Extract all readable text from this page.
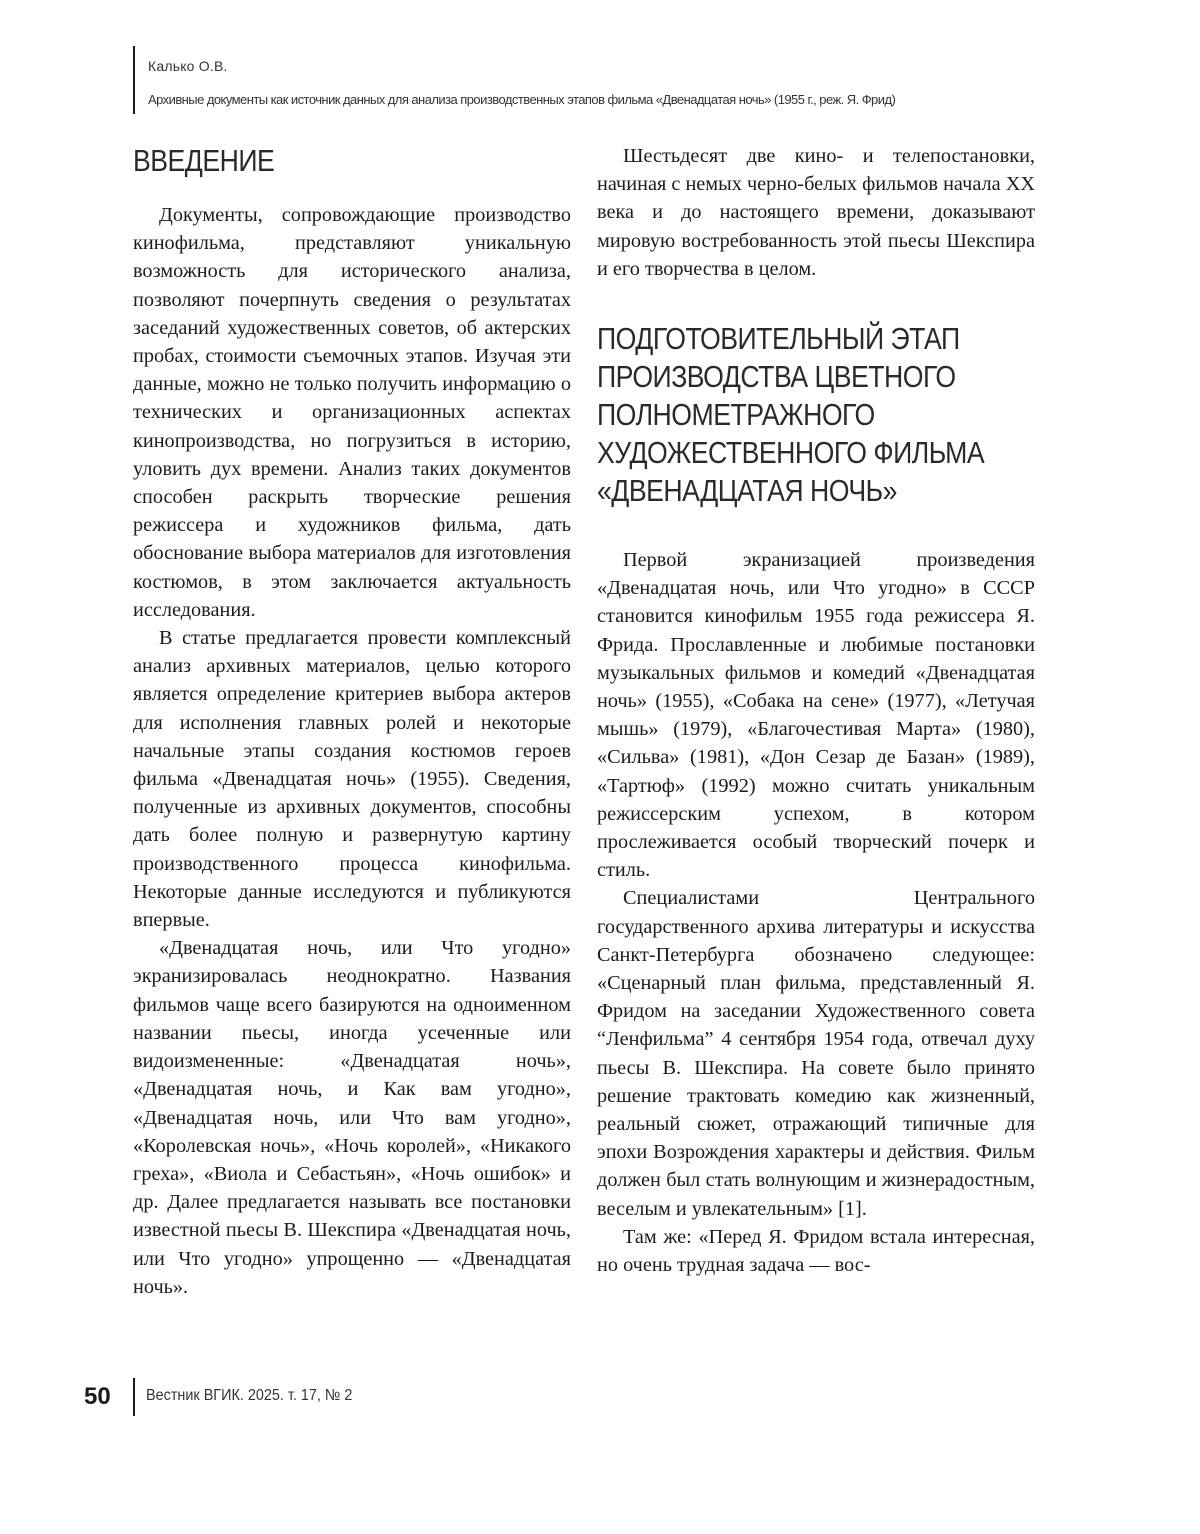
Калько О.В.
Архивные документы как источник данных для анализа производственных этапов фильма «Двенадцатая ночь» (1955 г., реж. Я. Фрид)
ВВЕДЕНИЕ

Документы, сопровождающие производство кинофильма, представляют уникальную возможность для исторического анализа, позволяют почерпнуть сведения о результатах заседаний художественных советов, об актерских пробах, стоимости съемочных этапов. Изучая эти данные, можно не только получить информацию о технических и организационных аспектах кинопроизводства, но погрузиться в историю, уловить дух времени. Анализ таких документов способен раскрыть творческие решения режиссера и художников фильма, дать обоснование выбора материалов для изготовления костюмов, в этом заключается актуальность исследования.

В статье предлагается провести комплексный анализ архивных материалов, целью которого является определение критериев выбора актеров для исполнения главных ролей и некоторые начальные этапы создания костюмов героев фильма «Двенадцатая ночь» (1955). Сведения, полученные из архивных документов, способны дать более полную и развернутую картину производственного процесса кинофильма. Некоторые данные исследуются и публикуются впервые.

«Двенадцатая ночь, или Что угодно» экранизировалась неоднократно. Названия фильмов чаще всего базируются на одноименном названии пьесы, иногда усеченные или видоизмененные: «Двенадцатая ночь», «Двенадцатая ночь, и Как вам угодно», «Двенадцатая ночь, или Что вам угодно», «Королевская ночь», «Ночь королей», «Никакого греха», «Виола и Себастьян», «Ночь ошибок» и др. Далее предлагается называть все постановки известной пьесы В. Шекспира «Двенадцатая ночь, или Что угодно» упрощенно — «Двенадцатая ночь».

Шестьдесят две кино- и телепостановки, начиная с немых черно-белых фильмов начала XX века и до настоящего времени, доказывают мировую востребованность этой пьесы Шекспира и его творчества в целом.

ПОДГОТОВИТЕЛЬНЫЙ ЭТАП ПРОИЗВОДСТВА ЦВЕТНОГО ПОЛНОМЕТРАЖНОГО ХУДОЖЕСТВЕННОГО ФИЛЬМА «ДВЕНАДЦАТАЯ НОЧЬ»

Первой экранизацией произведения «Двенадцатая ночь, или Что угодно» в СССР становится кинофильм 1955 года режиссера Я. Фрида. Прославленные и любимые постановки музыкальных фильмов и комедий «Двенадцатая ночь» (1955), «Собака на сене» (1977), «Летучая мышь» (1979), «Благочестивая Марта» (1980), «Сильва» (1981), «Дон Сезар де Базан» (1989), «Тартюф» (1992) можно считать уникальным режиссерским успехом, в котором прослеживается особый творческий почерк и стиль.

Специалистами Центрального государственного архива литературы и искусства Санкт-Петербурга обозначено следующее: «Сценарный план фильма, представленный Я. Фридом на заседании Художественного совета “Ленфильма” 4 сентября 1954 года, отвечал духу пьесы В. Шекспира. На совете было принято решение трактовать комедию как жизненный, реальный сюжет, отражающий типичные для эпохи Возрождения характеры и действия. Фильм должен был стать волнующим и жизнерадостным, веселым и увлекательным» [1].

Там же: «Перед Я. Фридом встала интересная, но очень трудная задача — вос-

50 Вестник ВГИК. 2025. т. 17, № 2
